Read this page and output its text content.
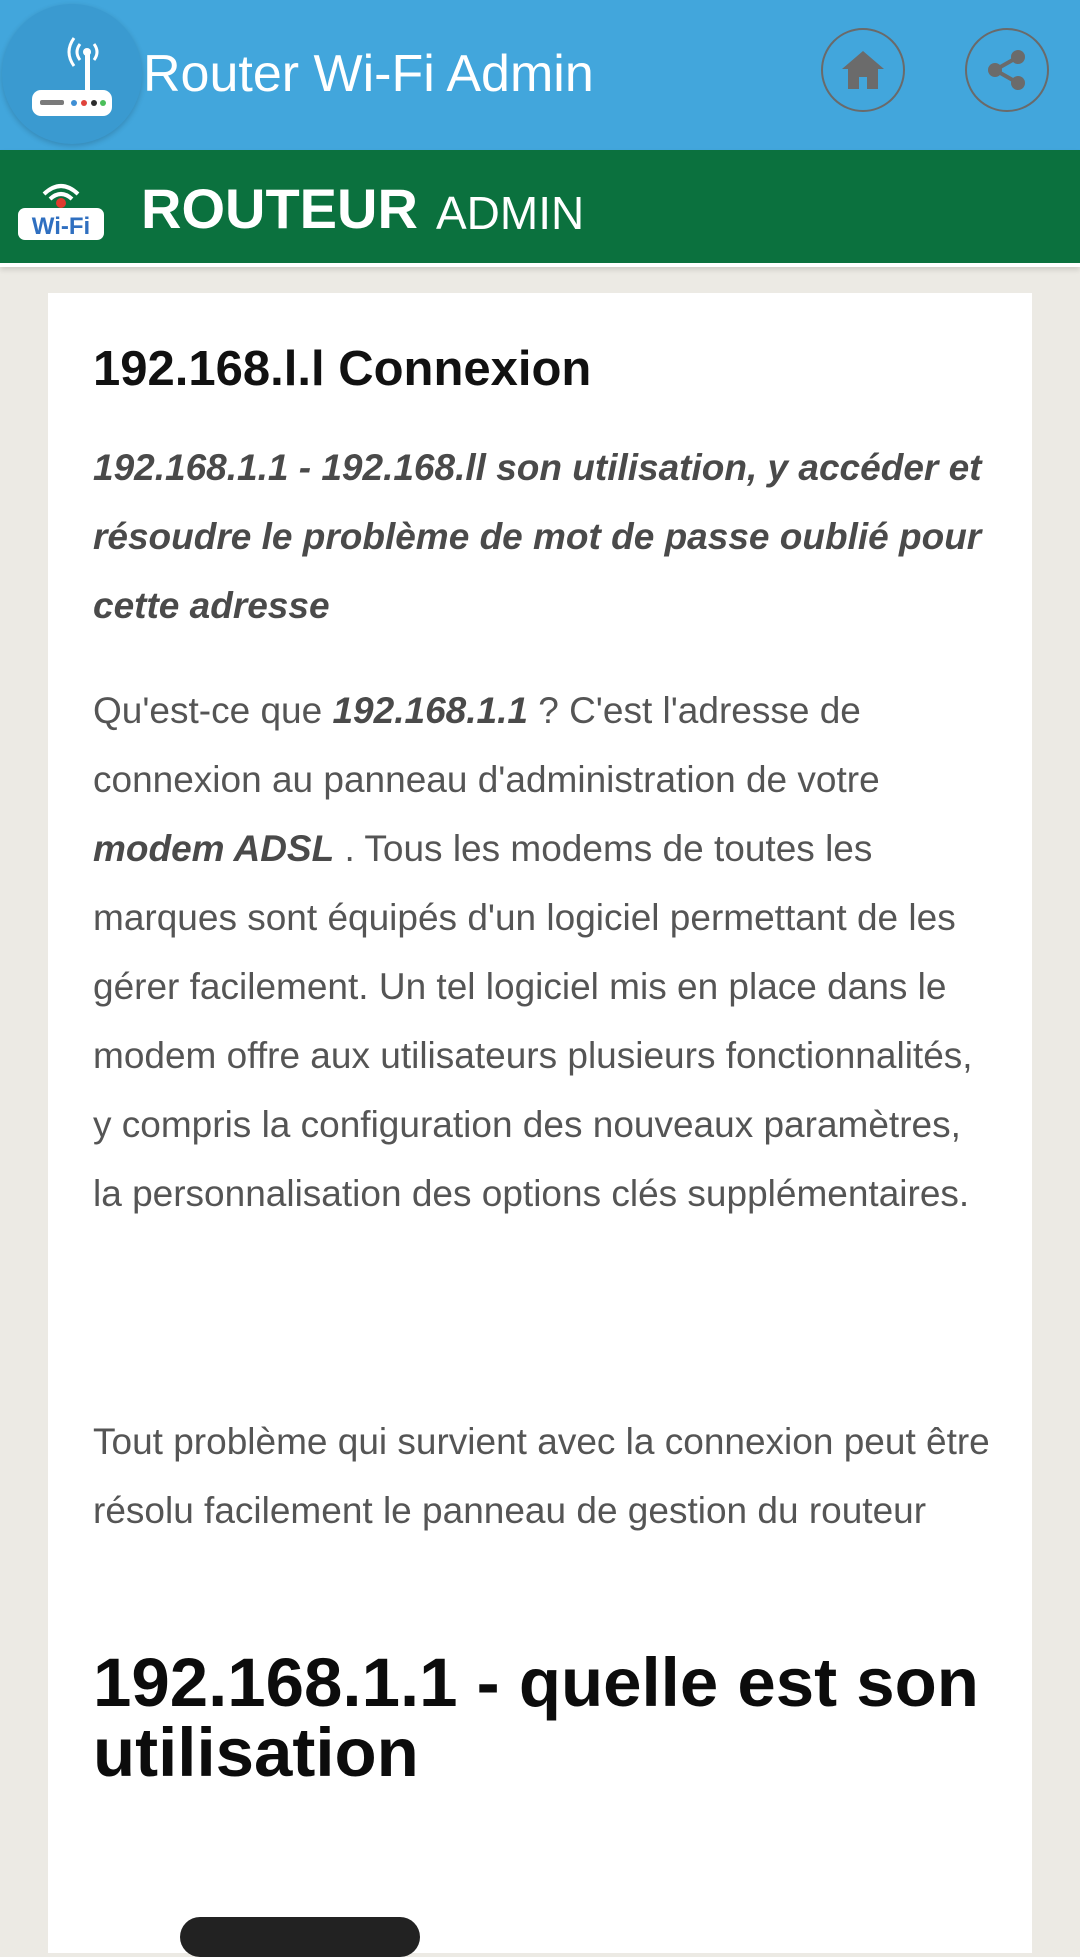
Router Wi-Fi Admin
Wi-Fi ROUTEUR ADMIN
192.168.l.l Connexion

192.168.1.1 - 192.168.ll son utilisation, y accéder et résoudre le problème de mot de passe oublié pour cette adresse

Qu'est-ce que 192.168.1.1 ? C'est l'adresse de connexion au panneau d'administration de votre modem ADSL . Tous les modems de toutes les marques sont équipés d'un logiciel permettant de les gérer facilement. Un tel logiciel mis en place dans le modem offre aux utilisateurs plusieurs fonctionnalités, y compris la configuration des nouveaux paramètres, la personnalisation des options clés supplémentaires.

Tout problème qui survient avec la connexion peut être résolu facilement le panneau de gestion du routeur

192.168.1.1 - quelle est son utilisation
